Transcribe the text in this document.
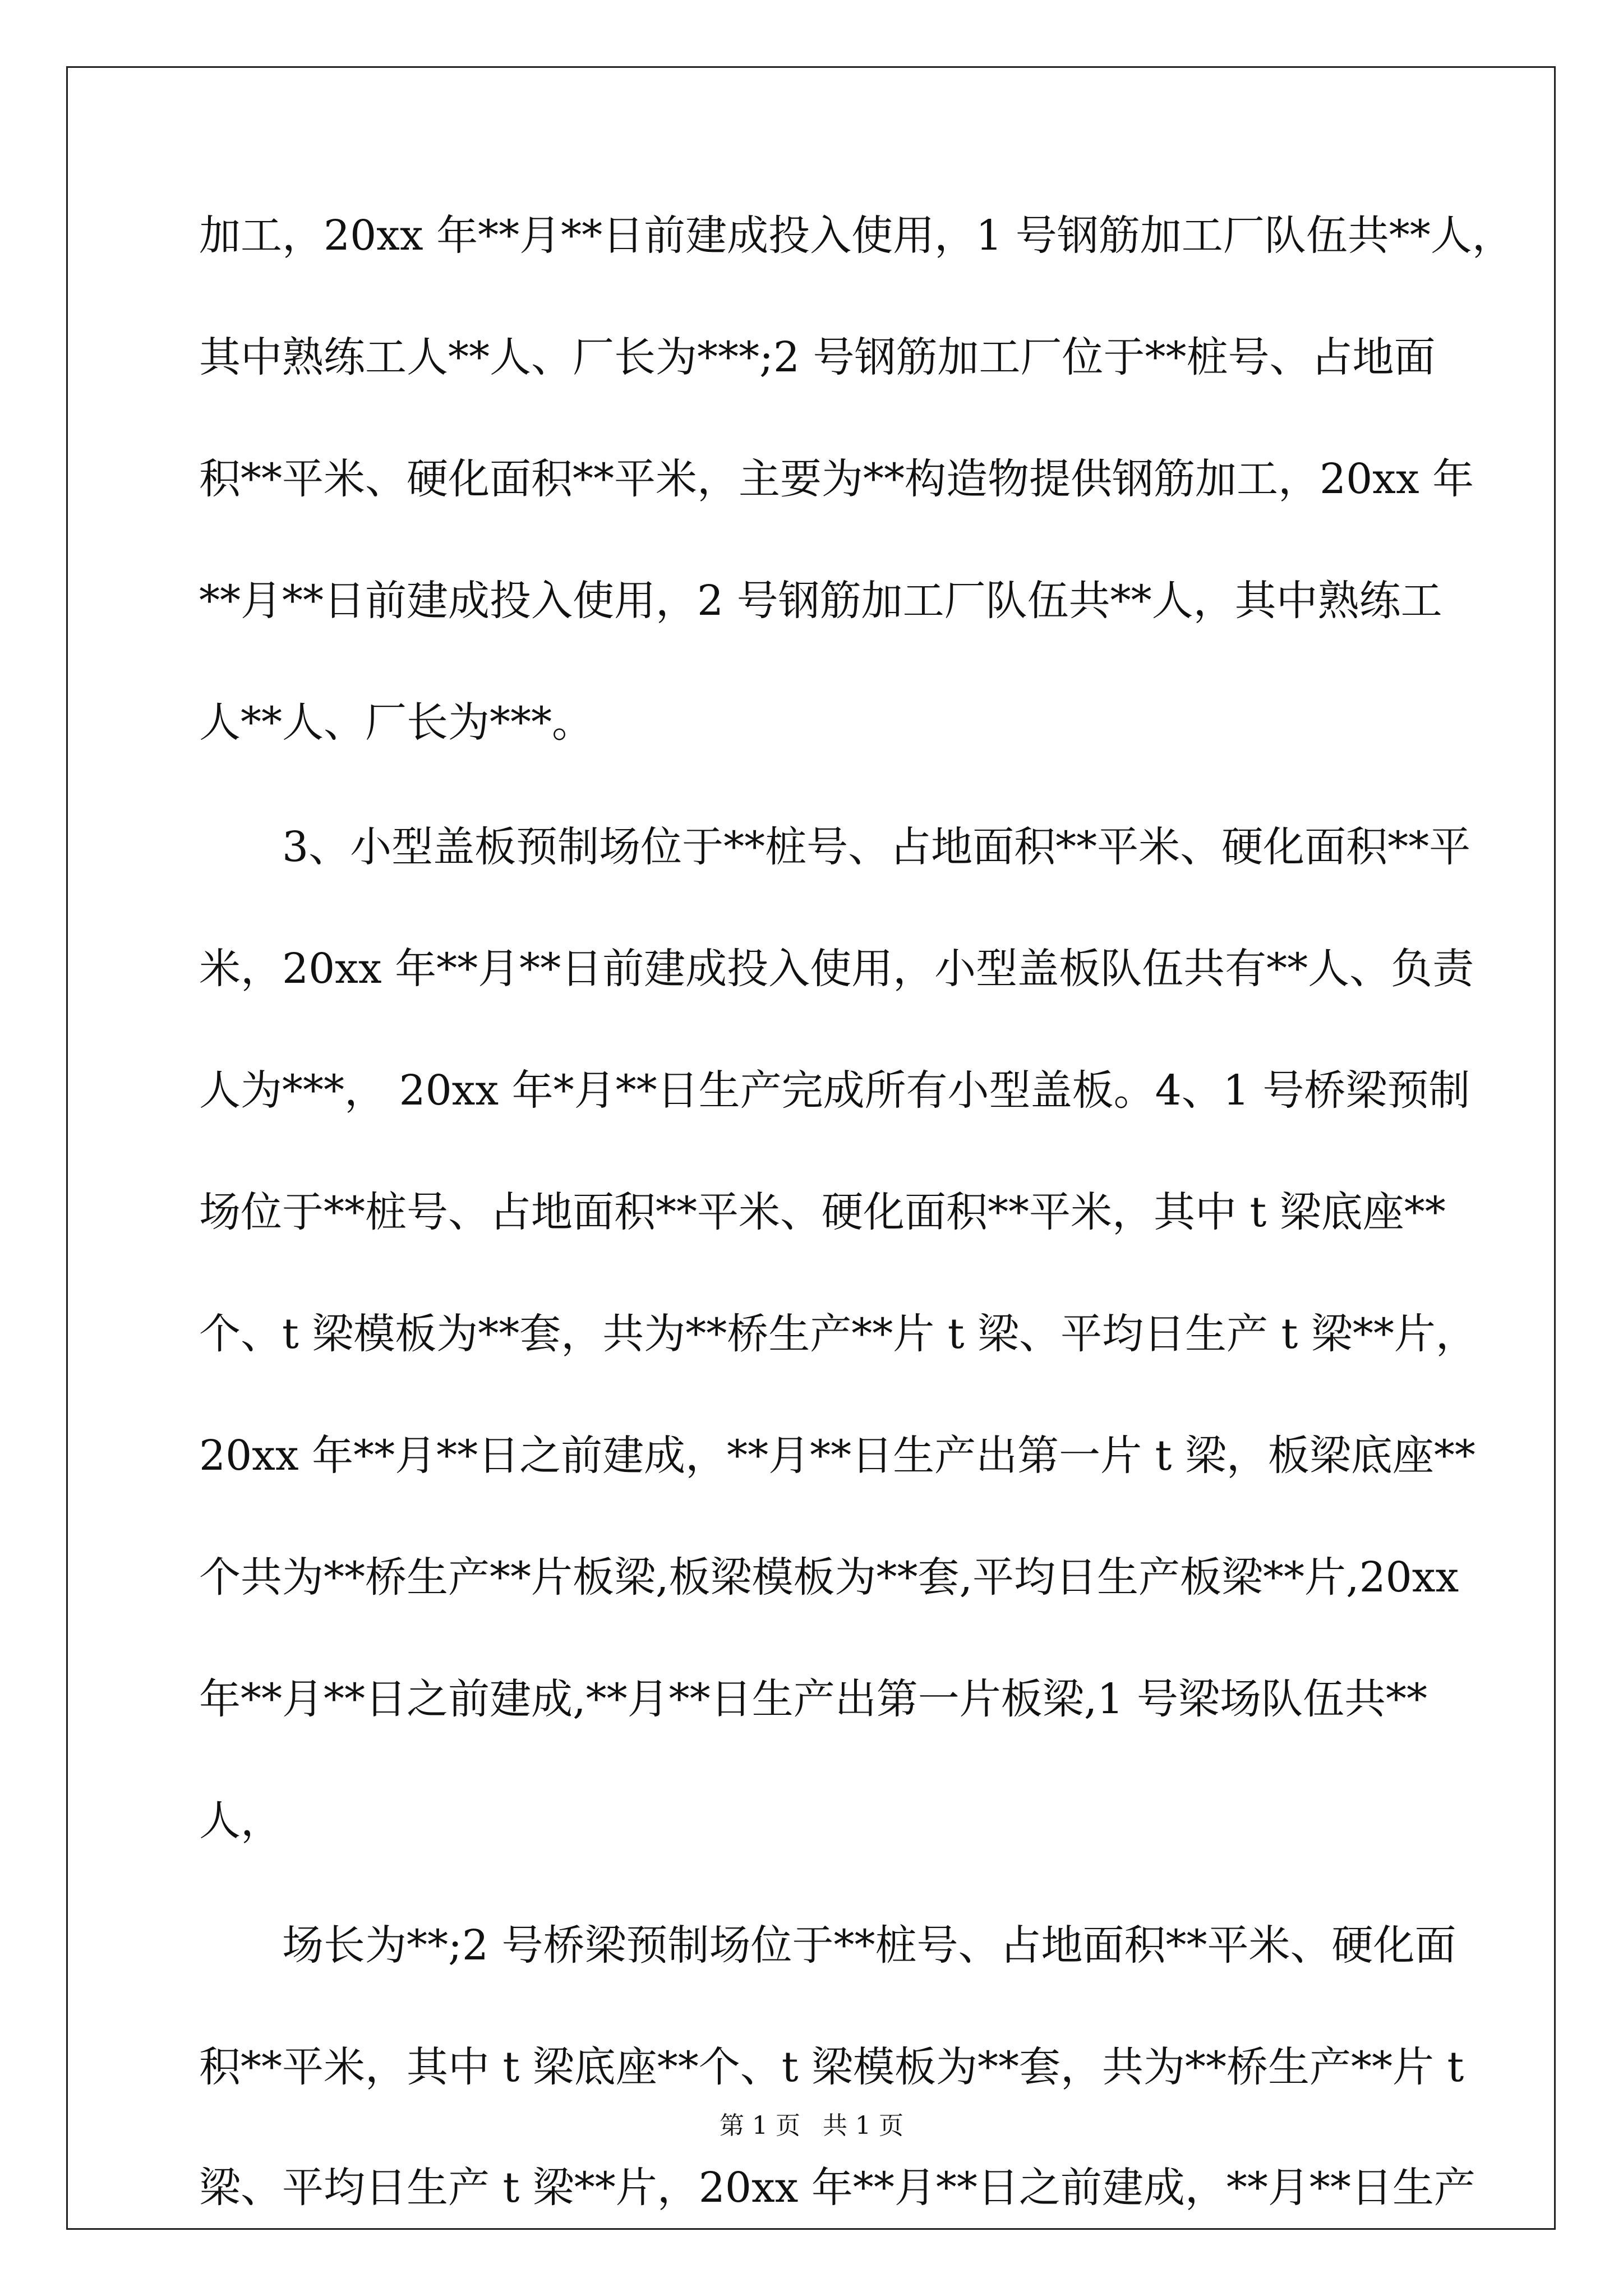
加工，20xx 年**月**日前建成投入使用，1 号钢筋加工厂队伍共**人，
其中熟练工人**人、厂长为***;2 号钢筋加工厂位于**桩号、占地面
积**平米、硬化面积**平米，主要为**构造物提供钢筋加工，20xx 年
**月**日前建成投入使用，2 号钢筋加工厂队伍共**人，其中熟练工
人**人、厂长为***。
3、小型盖板预制场位于**桩号、占地面积**平米、硬化面积**平
米，20xx 年**月**日前建成投入使用，小型盖板队伍共有**人、负责
人为***， 20xx 年*月**日生产完成所有小型盖板。4、1 号桥梁预制
场位于**桩号、占地面积**平米、硬化面积**平米，其中 t 梁底座**
个、t 梁模板为**套，共为**桥生产**片 t 梁、平均日生产 t 梁**片，
20xx 年**月**日之前建成，**月**日生产出第一片 t 梁，板梁底座**
个共为**桥生产**片板梁,板梁模板为**套,平均日生产板梁**片,20xx
年**月**日之前建成,**月**日生产出第一片板梁,1 号梁场队伍共**
人，
场长为**;2 号桥梁预制场位于**桩号、占地面积**平米、硬化面
积**平米，其中 t 梁底座**个、t 梁模板为**套，共为**桥生产**片 t
梁、平均日生产 t 梁**片，20xx 年**月**日之前建成，**月**日生产
第 1 页 共 1 页
